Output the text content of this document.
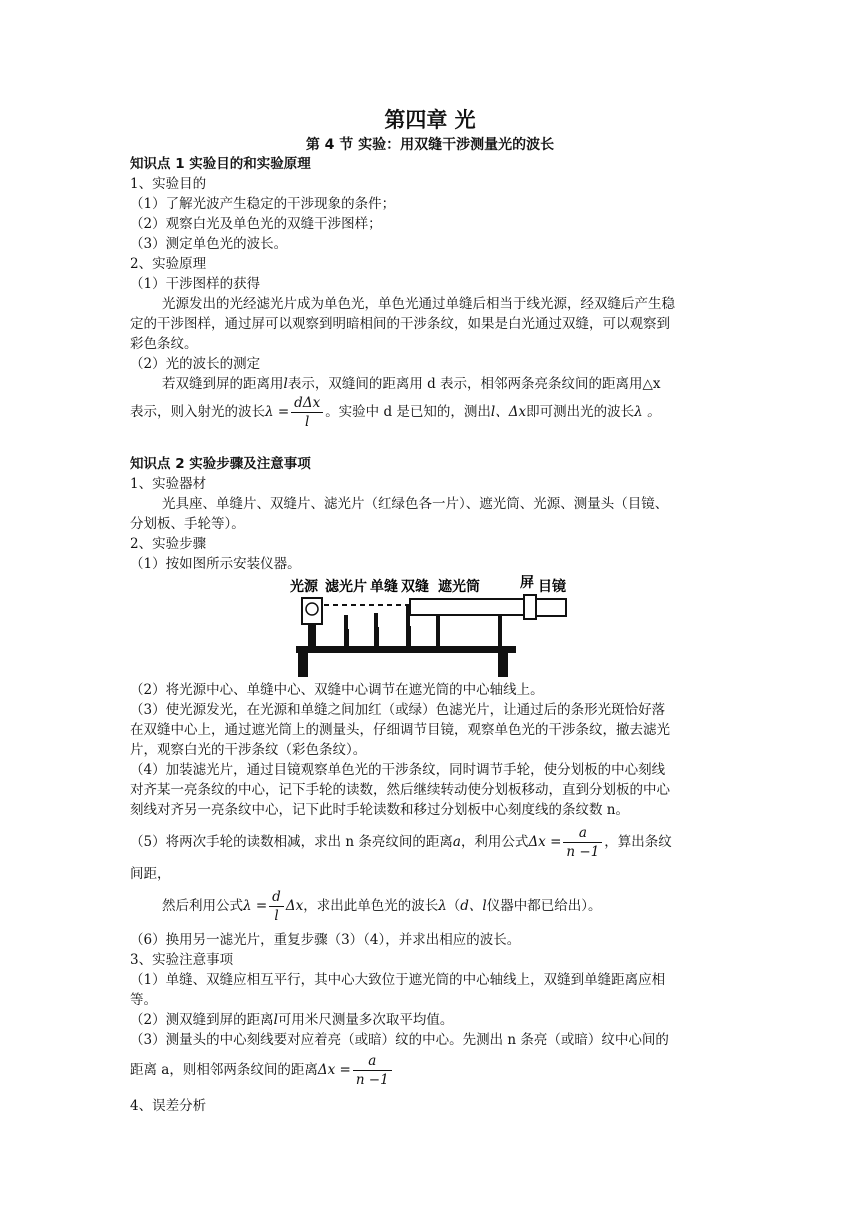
第四章 光
第 4 节 实验：用双缝干涉测量光的波长
知识点 1 实验目的和实验原理
1、实验目的
（1）了解光波产生稳定的干涉现象的条件；
（2）观察白光及单色光的双缝干涉图样；
（3）测定单色光的波长。
2、实验原理
（1）干涉图样的获得
光源发出的光经滤光片成为单色光，单色光通过单缝后相当于线光源，经双缝后产生稳
定的干涉图样，通过屏可以观察到明暗相间的干涉条纹，如果是白光通过双缝，可以观察到
彩色条纹。
（2）光的波长的测定
若双缝到屏的距离用l表示，双缝间的距离用 d 表示，相邻两条亮条纹间的距离用△x
表示，则入射光的波长$\lambda = \frac{\text{dΔx}}{l}$ 。实验中 d 是已知的，测出l、Δx即可测出光的波长λ 。
知识点 2 实验步骤及注意事项
1、实验器材
光具座、单缝片、双缝片、滤光片（红绿色各一片）、遮光筒、光源、测量头（目镜、
分划板、手轮等）。
2、实验步骤
（1）按如图所示安装仪器。
光源 滤光片 单缝 双缝 遮光筒	屏 目镜
（2）将光源中心、单缝中心、双缝中心调节在遮光筒的中心轴线上。
（3）使光源发光，在光源和单缝之间加红（或绿）色滤光片，让通过后的条形光斑恰好落
在双缝中心上，通过遮光筒上的测量头，仔细调节目镜，观察单色光的干涉条纹，撤去滤光
片，观察白光的干涉条纹（彩色条纹）。
（4）加装滤光片，通过目镜观察单色光的干涉条纹，同时调节手轮，使分划板的中心刻线
对齐某一亮条纹的中心，记下手轮的读数，然后继续转动使分划板移动，直到分划板的中心
刻线对齐另一亮条纹中心，记下此时手轮读数和移过分划板中心刻度线的条纹数 n。
（5）将两次手轮的读数相减，求出 n 条亮纹间的距离a，利用公式$\Delta x = \frac{a}{n -1}$ ，算出条纹
间距，
然后利用公式$\lambda = \frac{d}{l}$ Δx，求出此单色光的波长λ（d、l仪器中都已给出）。
（6）换用另一滤光片，重复步骤（3）（4），并求出相应的波长。
3、实验注意事项
（1）单缝、双缝应相互平行，其中心大致位于遮光筒的中心轴线上，双缝到单缝距离应相
等。
（2）测双缝到屏的距离l可用米尺测量多次取平均值。
（3）测量头的中心刻线要对应着亮（或暗）纹的中心。先测出 n 条亮（或暗）纹中心间的
距离 a，则相邻两条纹间的距离$\Delta x = \frac{a}{n -1}$
4、误差分析
